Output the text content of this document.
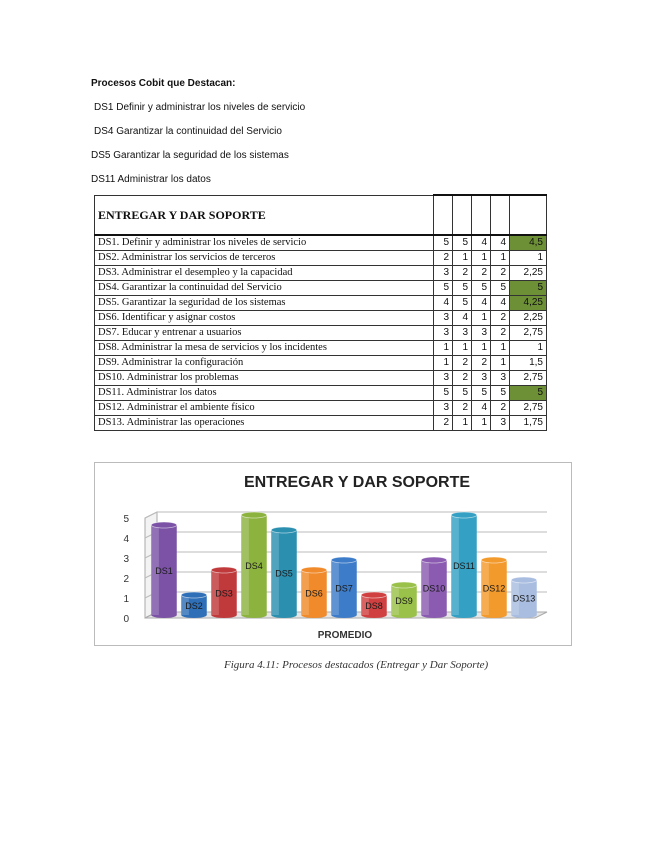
Procesos Cobit que Destacan:
DS1 Definir y administrar los niveles de servicio
DS4 Garantizar la continuidad del Servicio
DS5 Garantizar la seguridad de los sistemas
DS11 Administrar los datos
ENTREGAR Y DAR SOPORTE					
DS1. Definir y administrar los niveles de servicio	5	5	4	4	4,5
DS2. Administrar los servicios de terceros	2	1	1	1	1
DS3. Administrar el desempleo y la capacidad	3	2	2	2	2,25
DS4. Garantizar la continuidad del Servicio	5	5	5	5	5
DS5. Garantizar la seguridad de los sistemas	4	5	4	4	4,25
DS6. Identificar y asignar costos	3	4	1	2	2,25
DS7. Educar y entrenar a usuarios	3	3	3	2	2,75
DS8. Administrar la mesa de servicios y los incidentes	1	1	1	1	1
DS9. Administrar la configuración	1	2	2	1	1,5
DS10. Administrar los problemas	3	2	3	3	2,75
DS11. Administrar los datos	5	5	5	5	5
DS12. Administrar el ambiente físico	3	2	4	2	2,75
DS13. Administrar las operaciones	2	1	1	3	1,75
ENTREGAR Y DAR SOPORTE
0
1
2
3
4
5
DS1
DS2
DS3
DS4
DS5
DS6 DS7
DS8 DS9
DS10
DS11
DS12
DS13
PROMEDIO
Figura 4.11: Procesos destacados (Entregar y Dar Soporte)
